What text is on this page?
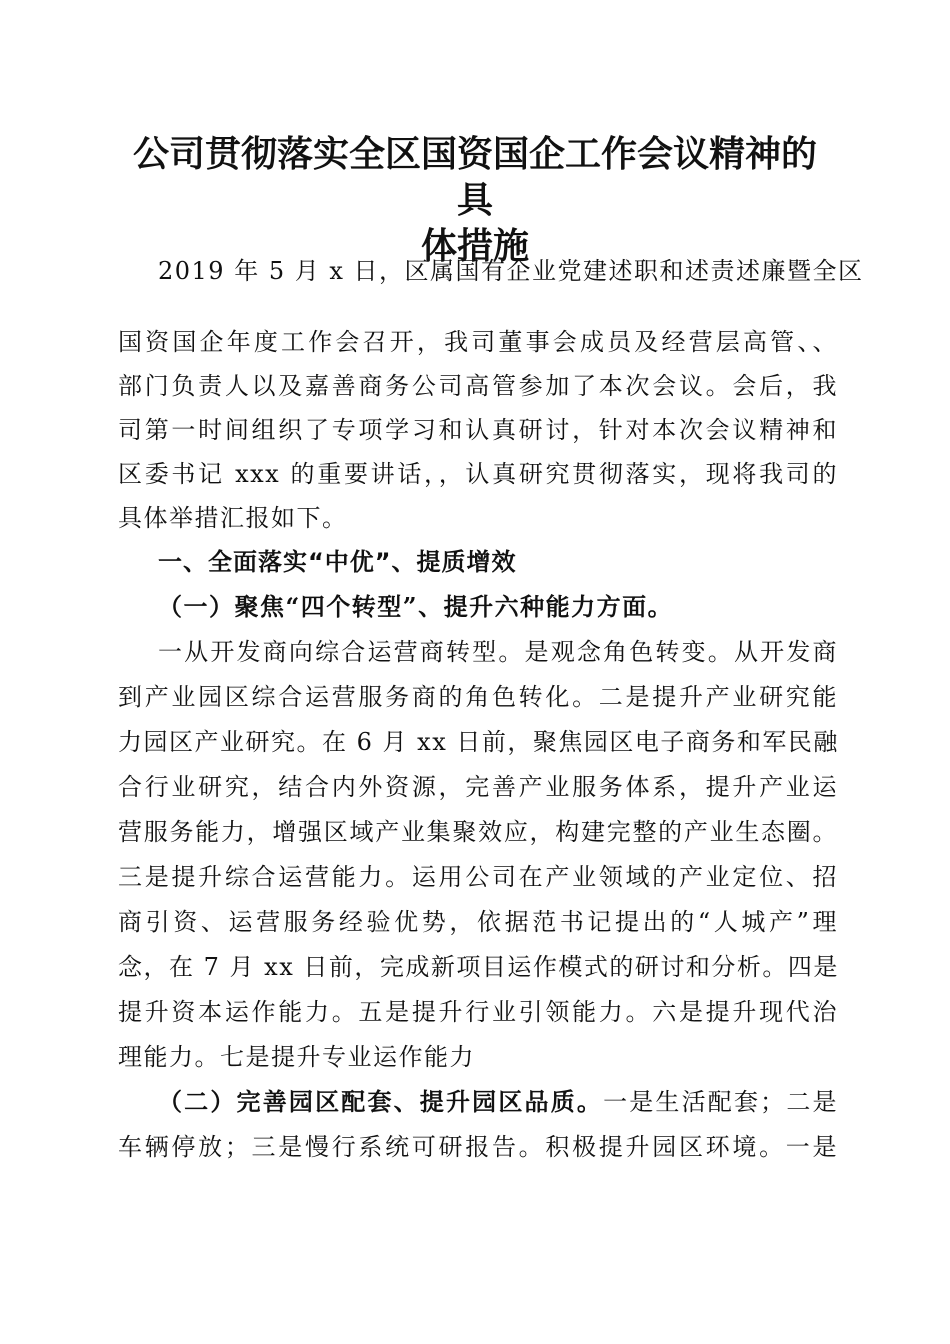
公司贯彻落实全区国资国企工作会议精神的具
体措施
2019 年 5 月 x 日，区属国有企业党建述职和述责述廉暨全区
国资国企年度工作会召开，我司董事会成员及经营层高管、、
部门负责人以及嘉善商务公司高管参加了本次会议。会后，我
司第一时间组织了专项学习和认真研讨，针对本次会议精神和
区委书记 xxx 的重要讲话，，认真研究贯彻落实，现将我司的
具体举措汇报如下。
一、全面落实“中优”、提质增效
（一）聚焦“四个转型”、提升六种能力方面。
一从开发商向综合运营商转型。是观念角色转变。从开发商
到产业园区综合运营服务商的角色转化。二是提升产业研究能
力园区产业研究。在 6 月 xx 日前，聚焦园区电子商务和军民融
合行业研究，结合内外资源，完善产业服务体系，提升产业运
营服务能力，增强区域产业集聚效应，构建完整的产业生态圈。
三是提升综合运营能力。运用公司在产业领域的产业定位、招
商引资、运营服务经验优势，依据范书记提出的“人城产”理
念，在 7 月 xx 日前，完成新项目运作模式的研讨和分析。四是
提升资本运作能力。五是提升行业引领能力。六是提升现代治
理能力。七是提升专业运作能力
（二）完善园区配套、提升园区品质。一是生活配套；二是
车辆停放；三是慢行系统可研报告。积极提升园区环境。一是
